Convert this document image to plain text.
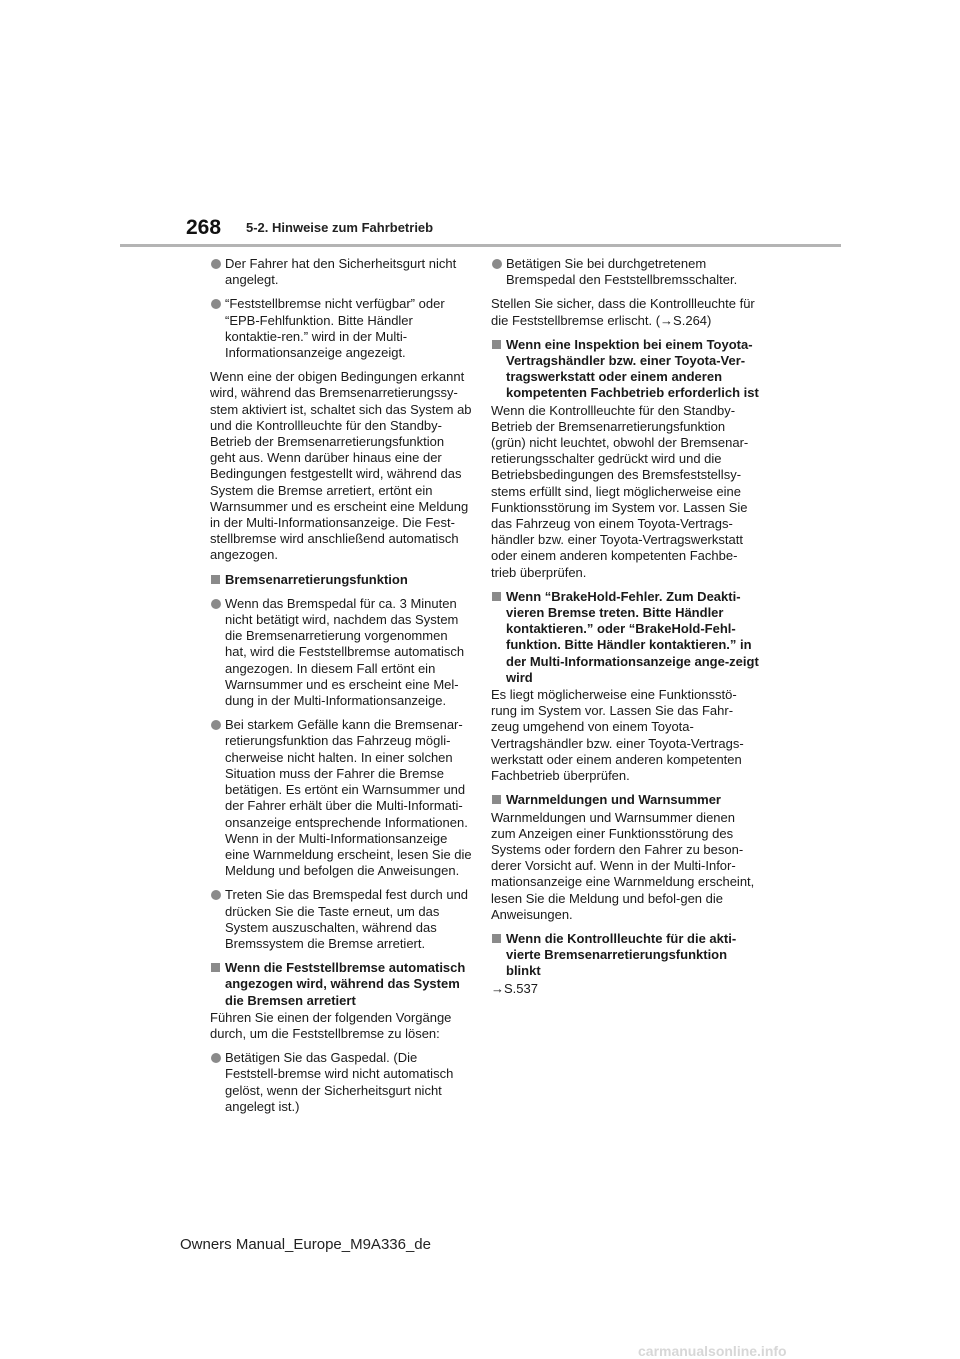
268 5-2. Hinweise zum Fahrbetrieb
Der Fahrer hat den Sicherheitsgurt nicht angelegt.
“Feststellbremse nicht verfügbar” oder “EPB-Fehlfunktion. Bitte Händler kontaktie-ren.” wird in der Multi-Informationsanzeige angezeigt.
Wenn eine der obigen Bedingungen erkannt wird, während das Bremsenarretierungssy-stem aktiviert ist, schaltet sich das System ab und die Kontrollleuchte für den Standby-Betrieb der Bremsenarretierungsfunktion geht aus. Wenn darüber hinaus eine der Bedingungen festgestellt wird, während das System die Bremse arretiert, ertönt ein Warnsummer und es erscheint eine Meldung in der Multi-Informationsanzeige. Die Fest-stellbremse wird anschließend automatisch angezogen.
Bremsenarretierungsfunktion
Wenn das Bremspedal für ca. 3 Minuten nicht betätigt wird, nachdem das System die Bremsenarretierung vorgenommen hat, wird die Feststellbremse automatisch angezogen. In diesem Fall ertönt ein Warnsummer und es erscheint eine Mel-dung in der Multi-Informationsanzeige.
Bei starkem Gefälle kann die Bremsenar-retierungsfunktion das Fahrzeug mögli-cherweise nicht halten. In einer solchen Situation muss der Fahrer die Bremse betätigen. Es ertönt ein Warnsummer und der Fahrer erhält über die Multi-Informati-onsanzeige entsprechende Informationen. Wenn in der Multi-Informationsanzeige eine Warnmeldung erscheint, lesen Sie die Meldung und befolgen die Anweisungen.
Treten Sie das Bremspedal fest durch und drücken Sie die Taste erneut, um das System auszuschalten, während das Bremssystem die Bremse arretiert.
Wenn die Feststellbremse automatisch angezogen wird, während das System die Bremsen arretiert
Führen Sie einen der folgenden Vorgänge durch, um die Feststellbremse zu lösen:
Betätigen Sie das Gaspedal. (Die Feststell-bremse wird nicht automatisch gelöst, wenn der Sicherheitsgurt nicht angelegt ist.)
Betätigen Sie bei durchgetretenem Bremspedal den Feststellbremsschalter.
Stellen Sie sicher, dass die Kontrollleuchte für die Feststellbremse erlischt. (→S.264)
Wenn eine Inspektion bei einem Toyota-Vertragshändler bzw. einer Toyota-Ver-tragswerkstatt oder einem anderen kompetenten Fachbetrieb erforderlich ist
Wenn die Kontrollleuchte für den Standby-Betrieb der Bremsenarretierungsfunktion (grün) nicht leuchtet, obwohl der Bremsenar-retierungsschalter gedrückt wird und die Betriebsbedingungen des Bremsfeststellsy-stems erfüllt sind, liegt möglicherweise eine Funktionsstörung im System vor. Lassen Sie das Fahrzeug von einem Toyota-Vertrags-händler bzw. einer Toyota-Vertragswerkstatt oder einem anderen kompetenten Fachbe-trieb überprüfen.
Wenn “BrakeHold-Fehler. Zum Deakti-vieren Bremse treten. Bitte Händler kontaktieren.” oder “BrakeHold-Fehl-funktion. Bitte Händler kontaktieren.” in der Multi-Informationsanzeige ange-zeigt wird
Es liegt möglicherweise eine Funktionsstö-rung im System vor. Lassen Sie das Fahr-zeug umgehend von einem Toyota-Vertragshändler bzw. einer Toyota-Vertrags-werkstatt oder einem anderen kompetenten Fachbetrieb überprüfen.
Warnmeldungen und Warnsummer
Warnmeldungen und Warnsummer dienen zum Anzeigen einer Funktionsstörung des Systems oder fordern den Fahrer zu beson-derer Vorsicht auf. Wenn in der Multi-Infor-mationsanzeige eine Warnmeldung erscheint, lesen Sie die Meldung und befol-gen die Anweisungen.
Wenn die Kontrollleuchte für die akti-vierte Bremsenarretierungsfunktion blinkt
→S.537
Owners Manual_Europe_M9A336_de
carmanualsonline.info
